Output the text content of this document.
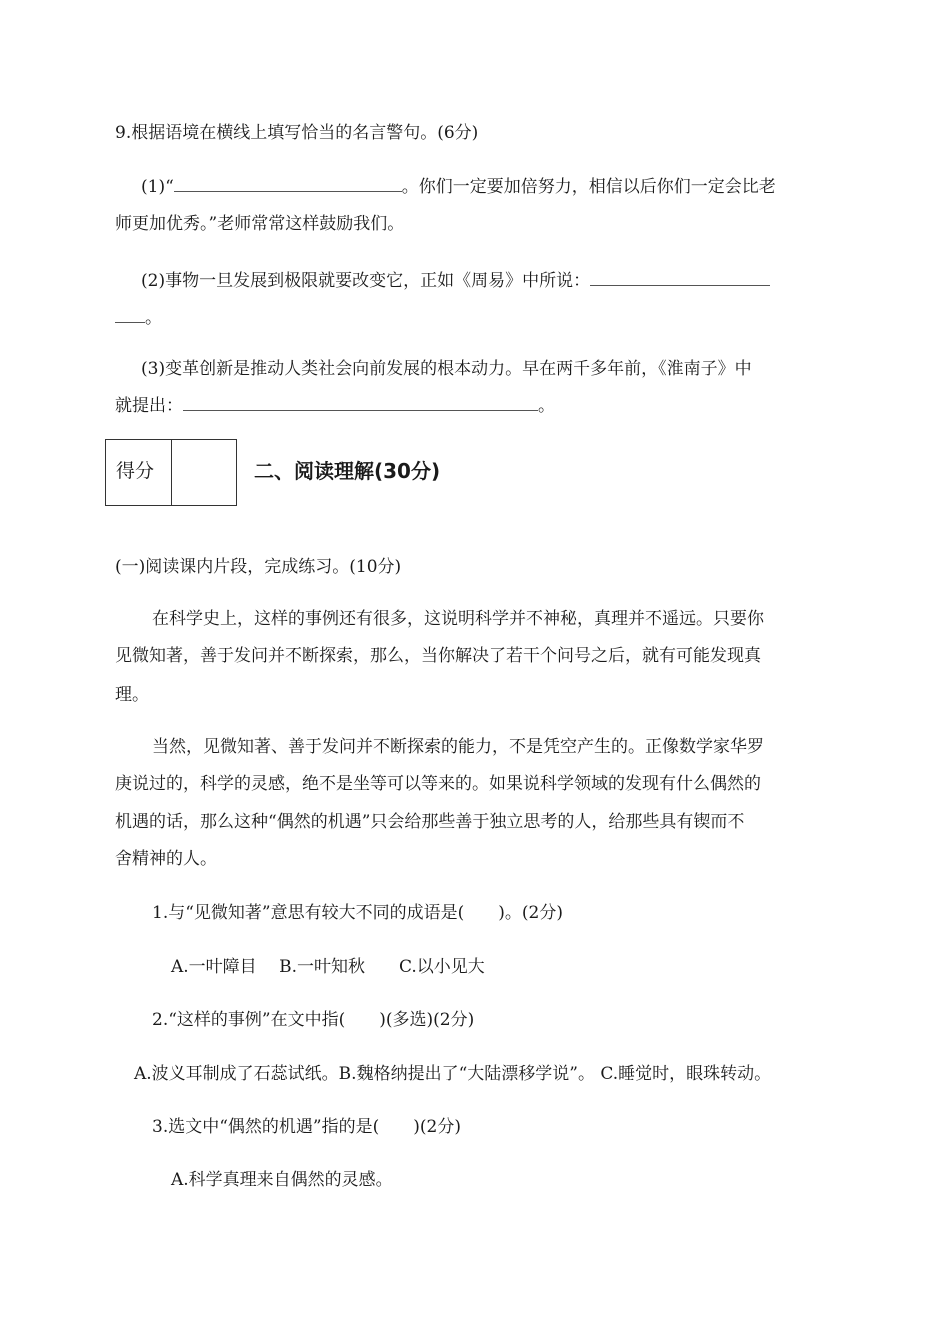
9.根据语境在横线上填写恰当的名言警句。(6分)
(1)“	。你们一定要加倍努力，相信以后你们一定会比老
师更加优秀。”老师常常这样鼓励我们。
(2)事物一旦发展到极限就要改变它，正如《周易》中所说：
。
(3)变革创新是推动人类社会向前发展的根本动力。早在两千多年前，《淮南子》中
就提出：	。
得分	二、阅读理解(30分)
(一)阅读课内片段，完成练习。(10分)
在科学史上，这样的事例还有很多，这说明科学并不神秘，真理并不遥远。只要你
见微知著，善于发问并不断探索，那么，当你解决了若干个问号之后，就有可能发现真
理。
当然，见微知著、善于发问并不断探索的能力，不是凭空产生的。正像数学家华罗
庚说过的，科学的灵感，绝不是坐等可以等来的。如果说科学领域的发现有什么偶然的
机遇的话，那么这种“偶然的机遇”只会给那些善于独立思考的人，给那些具有锲而不
舍精神的人。
1.与“见微知著”意思有较大不同的成语是(　　)。(2分)
A.一叶障目　 B.一叶知秋　　C.以小见大
2.“这样的事例”在文中指(　　)(多选)(2分)
A.波义耳制成了石蕊试纸。B.魏格纳提出了“大陆漂移学说”。 C.睡觉时，眼珠转动。
3.选文中“偶然的机遇”指的是(　　)(2分)
A.科学真理来自偶然的灵感。
